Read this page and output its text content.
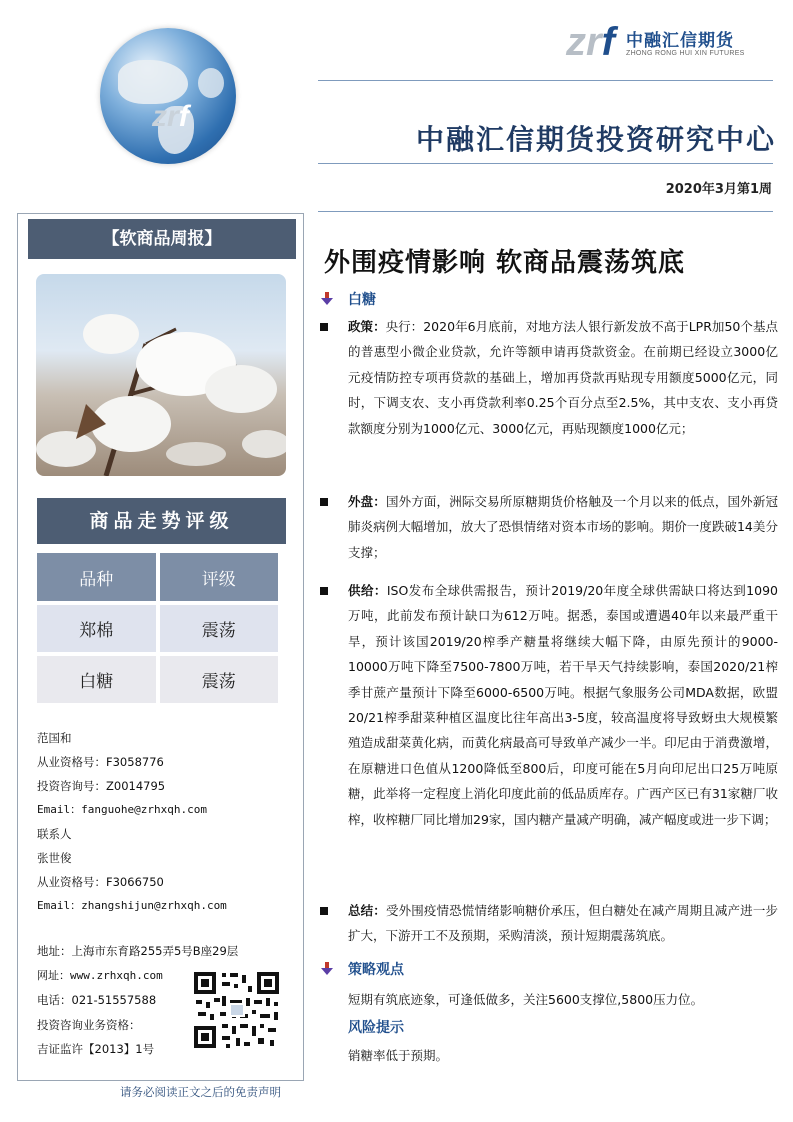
zrf
zrf 中融汇信期货
ZHONG RONG HUI XIN FUTURES
中融汇信期货投资研究中心
2020年3月第1周
【软商品周报】
商品走势评级
品种	评级
郑棉	震荡
白糖	震荡
范国和
从业资格号：F3058776
投资咨询号：Z0014795
Email：fanguohe@zrhxqh.com
联系人
张世俊
从业资格号：F3066750
Email：zhangshijun@zrhxqh.com
地址：上海市东育路255弄5号B座29层
网址：www.zrhxqh.com
电话：021-51557588
投资咨询业务资格：
吉证监许【2013】1号
请务必阅读正文之后的免责声明
外围疫情影响 软商品震荡筑底
白糖
政策：央行：2020年6月底前，对地方法人银行新发放不高于LPR加50个基点的普惠型小微企业贷款，允许等额申请再贷款资金。在前期已经设立3000亿元疫情防控专项再贷款的基础上，增加再贷款再贴现专用额度5000亿元，同时，下调支农、支小再贷款利率0.25个百分点至2.5%，其中支农、支小再贷款额度分别为1000亿元、3000亿元，再贴现额度1000亿元；
外盘：国外方面，洲际交易所原糖期货价格触及一个月以来的低点，国外新冠肺炎病例大幅增加，放大了恐惧情绪对资本市场的影响。期价一度跌破14美分支撑；
供给：ISO发布全球供需报告，预计2019/20年度全球供需缺口将达到1090万吨，此前发布预计缺口为612万吨。据悉，泰国或遭遇40年以来最严重干旱，预计该国2019/20榨季产糖量将继续大幅下降，由原先预计的9000-10000万吨下降至7500-7800万吨，若干旱天气持续影响，泰国2020/21榨季甘蔗产量预计下降至6000-6500万吨。根据气象服务公司MDA数据，欧盟20/21榨季甜菜种植区温度比往年高出3-5度，较高温度将导致蚜虫大规模繁殖造成甜菜黄化病，而黄化病最高可导致单产减少一半。印尼由于消费激增，在原糖进口色值从1200降低至800后，印度可能在5月向印尼出口25万吨原糖，此举将一定程度上消化印度此前的低品质库存。广西产区已有31家糖厂收榨，收榨糖厂同比增加29家，国内糖产量减产明确，减产幅度或进一步下调；
总结：受外围疫情恐慌情绪影响糖价承压，但白糖处在减产周期且减产进一步扩大，下游开工不及预期，采购清淡，预计短期震荡筑底。
策略观点
短期有筑底迹象，可逢低做多，关注5600支撑位,5800压力位。
风险提示
销糖率低于预期。
